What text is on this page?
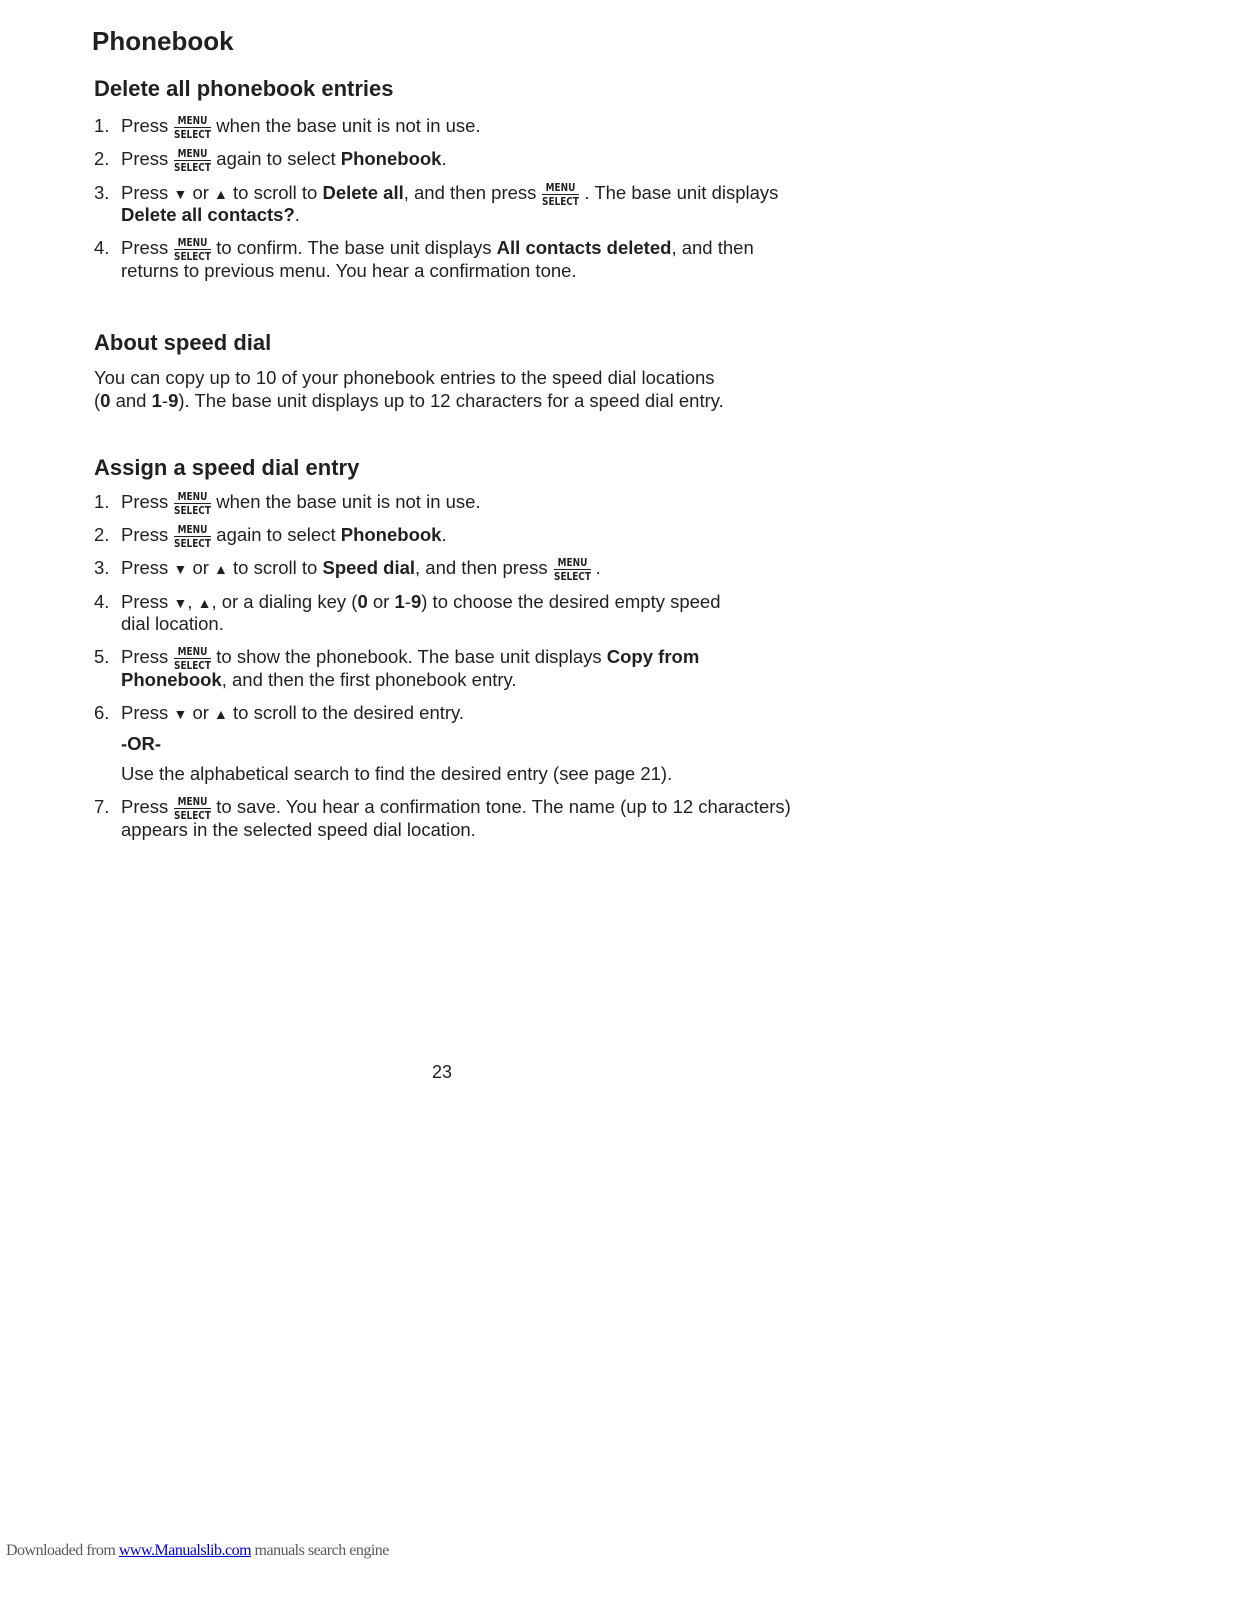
Phonebook
Delete all phonebook entries
1. Press MENU
SELECT when the base unit is not in use.
2. Press MENU
SELECT again to select Phonebook.
3. Press ▼ or ▲ to scroll to Delete all, and then press MENU
SELECT . The base unit displays
Delete all contacts?.
4. Press MENU
SELECT to confirm. The base unit displays All contacts deleted, and then
returns to previous menu. You hear a confirmation tone.
About speed dial
You can copy up to 10 of your phonebook entries to the speed dial locations
(0 and 1-9). The base unit displays up to 12 characters for a speed dial entry.
Assign a speed dial entry
1. Press MENU
SELECT when the base unit is not in use.
2. Press MENU
SELECT again to select Phonebook.
3. Press ▼ or ▲ to scroll to Speed dial, and then press MENU
SELECT .
4. Press ▼, ▲, or a dialing key (0 or 1-9) to choose the desired empty speed
dial location.
5. Press MENU
SELECT to show the phonebook. The base unit displays Copy from
Phonebook, and then the first phonebook entry.
6. Press ▼ or ▲ to scroll to the desired entry.
-OR-
Use the alphabetical search to find the desired entry (see page 21).
7. Press MENU
SELECT to save. You hear a confirmation tone. The name (up to 12 characters)
appears in the selected speed dial location.
23
Downloaded from www.Manualslib.com manuals search engine
